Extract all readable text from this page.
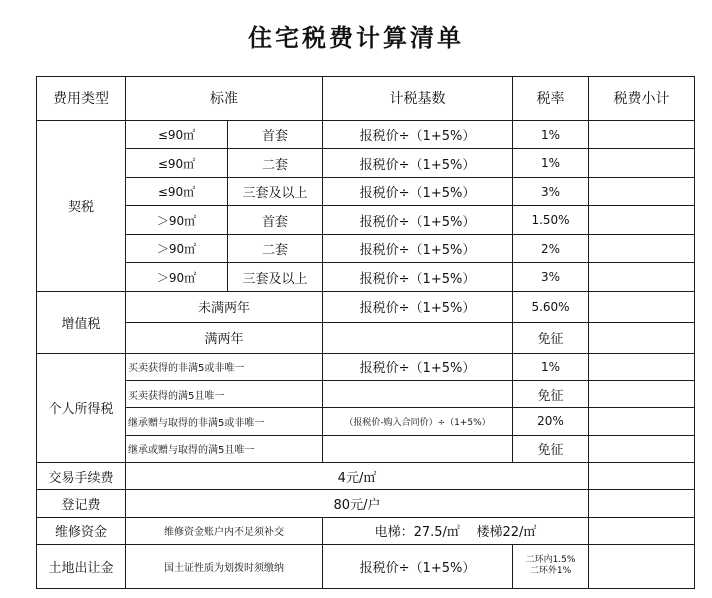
住宅税费计算清单
费用类型	标准		计税基数	税率	税费小计
契税	≤90㎡	首套	报税价÷（1+5%）	1%	
	≤90㎡	二套	报税价÷（1+5%）	1%	
	≤90㎡	三套及以上	报税价÷（1+5%）	3%	
	＞90㎡	首套	报税价÷（1+5%）	1.50%	
	＞90㎡	二套	报税价÷（1+5%）	2%	
	＞90㎡	三套及以上	报税价÷（1+5%）	3%	
增值税	未满两年		报税价÷（1+5%）	5.60%	
	满两年			免征	
个人所得税	买卖获得的非满5或非唯一		报税价÷（1+5%）	1%	
	买卖获得的满5且唯一			免征	
	继承赠与取得的非满5或非唯一		（报税价-购入合同价）÷（1+5%）	20%	
	继承或赠与取得的满5且唯一			免征	
交易手续费	4元/㎡				
登记费	80元/户				
维修资金	维修资金账户内不足须补交		电梯：27.5/㎡    楼梯22/㎡		
土地出让金	国土证性质为划拨时须缴纳		报税价÷（1+5%）	二环内1.5%
二环外1%	
